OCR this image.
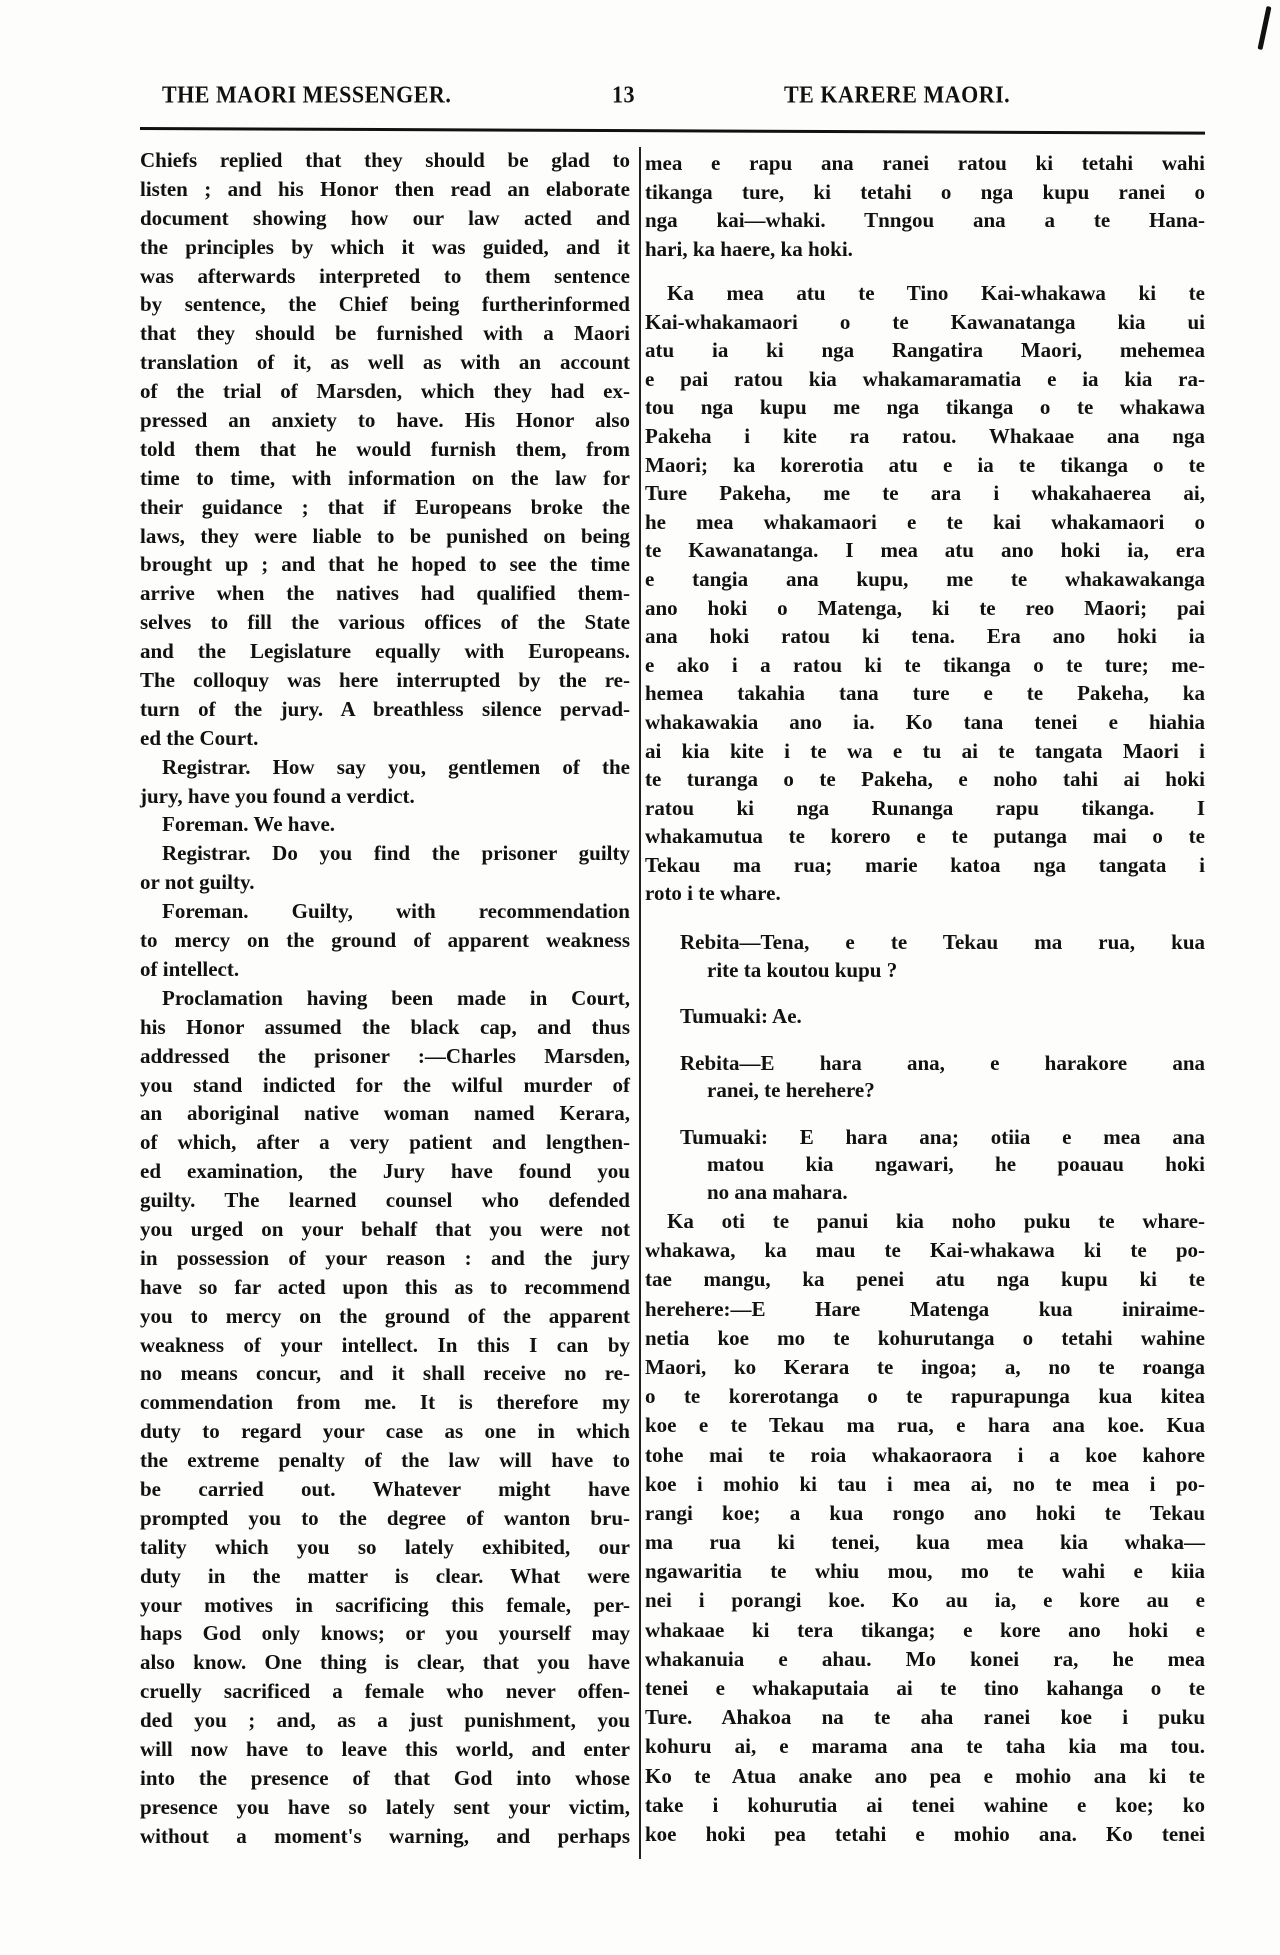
THE MAORI MESSENGER.	13	TE KARERE MAORI.
Chiefs replied that they should be glad to
listen ; and his Honor then read an elaborate
document showing how our law acted and
the principles by which it was guided, and it
was afterwards interpreted to them sentence
by sentence, the Chief being furtherinformed
that they should be furnished with a Maori
translation of it, as well as with an account
of the trial of Marsden, which they had ex-
pressed an anxiety to have. His Honor also
told them that he would furnish them, from
time to time, with information on the law for
their guidance ; that if Europeans broke the
laws, they were liable to be punished on being
brought up ; and that he hoped to see the time
arrive when the natives had qualified them-
selves to fill the various offices of the State
and the Legislature equally with Europeans.
The colloquy was here interrupted by the re-
turn of the jury. A breathless silence pervad-
ed the Court.
Registrar. How say you, gentlemen of the
jury, have you found a verdict.
Foreman. We have.
Registrar. Do you find the prisoner guilty
or not guilty.
Foreman. Guilty, with recommendation
to mercy on the ground of apparent weakness
of intellect.
Proclamation having been made in Court,
his Honor assumed the black cap, and thus
addressed the prisoner :—Charles Marsden,
you stand indicted for the wilful murder of
an aboriginal native woman named Kerara,
of which, after a very patient and lengthen-
ed examination, the Jury have found you
guilty. The learned counsel who defended
you urged on your behalf that you were not
in possession of your reason : and the jury
have so far acted upon this as to recommend
you to mercy on the ground of the apparent
weakness of your intellect. In this I can by
no means concur, and it shall receive no re-
commendation from me. It is therefore my
duty to regard your case as one in which
the extreme penalty of the law will have to
be carried out. Whatever might have
prompted you to the degree of wanton bru-
tality which you so lately exhibited, our
duty in the matter is clear. What were
your motives in sacrificing this female, per-
haps God only knows; or you yourself may
also know. One thing is clear, that you have
cruelly sacrificed a female who never offen-
ded you ; and, as a just punishment, you
will now have to leave this world, and enter
into the presence of that God into whose
presence you have so lately sent your victim,
without a moment's warning, and perhaps
mea e rapu ana ranei ratou ki tetahi wahi
tikanga ture, ki tetahi o nga kupu ranei o
nga kai—whaki. Tnngou ana a te Hana-
hari, ka haere, ka hoki.
Ka mea atu te Tino Kai-whakawa ki te
Kai-whakamaori o te Kawanatanga kia ui
atu ia ki nga Rangatira Maori, mehemea
e pai ratou kia whakamaramatia e ia kia ra-
tou nga kupu me nga tikanga o te whakawa
Pakeha i kite ra ratou. Whakaae ana nga
Maori; ka korerotia atu e ia te tikanga o te
Ture Pakeha, me te ara i whakahaerea ai,
he mea whakamaori e te kai whakamaori o
te Kawanatanga. I mea atu ano hoki ia, era
e tangia ana kupu, me te whakawakanga
ano hoki o Matenga, ki te reo Maori; pai
ana hoki ratou ki tena. Era ano hoki ia
e ako i a ratou ki te tikanga o te ture; me-
hemea takahia tana ture e te Pakeha, ka
whakawakia ano ia. Ko tana tenei e hiahia
ai kia kite i te wa e tu ai te tangata Maori i
te turanga o te Pakeha, e noho tahi ai hoki
ratou ki nga Runanga rapu tikanga. I
whakamutua te korero e te putanga mai o te
Tekau ma rua; marie katoa nga tangata i
roto i te whare.
Rebita—Tena, e te Tekau ma rua, kua
rite ta koutou kupu ?
Tumuaki: Ae.
Rebita—E hara ana, e harakore ana
ranei, te herehere?
Tumuaki: E hara ana; otiia e mea ana
matou kia ngawari, he poauau hoki
no ana mahara.
Ka oti te panui kia noho puku te whare-
whakawa, ka mau te Kai-whakawa ki te po-
tae mangu, ka penei atu nga kupu ki te
herehere:—E Hare Matenga kua iniraime-
netia koe mo te kohurutanga o tetahi wahine
Maori, ko Kerara te ingoa; a, no te roanga
o te korerotanga o te rapurapunga kua kitea
koe e te Tekau ma rua, e hara ana koe. Kua
tohe mai te roia whakaoraora i a koe kahore
koe i mohio ki tau i mea ai, no te mea i po-
rangi koe; a kua rongo ano hoki te Tekau
ma rua ki tenei, kua mea kia whaka—
ngawaritia te whiu mou, mo te wahi e kiia
nei i porangi koe. Ko au ia, e kore au e
whakaae ki tera tikanga; e kore ano hoki e
whakanuia e ahau. Mo konei ra, he mea
tenei e whakaputaia ai te tino kahanga o te
Ture. Ahakoa na te aha ranei koe i puku
kohuru ai, e marama ana te taha kia ma tou.
Ko te Atua anake ano pea e mohio ana ki te
take i kohurutia ai tenei wahine e koe; ko
koe hoki pea tetahi e mohio ana. Ko tenei
